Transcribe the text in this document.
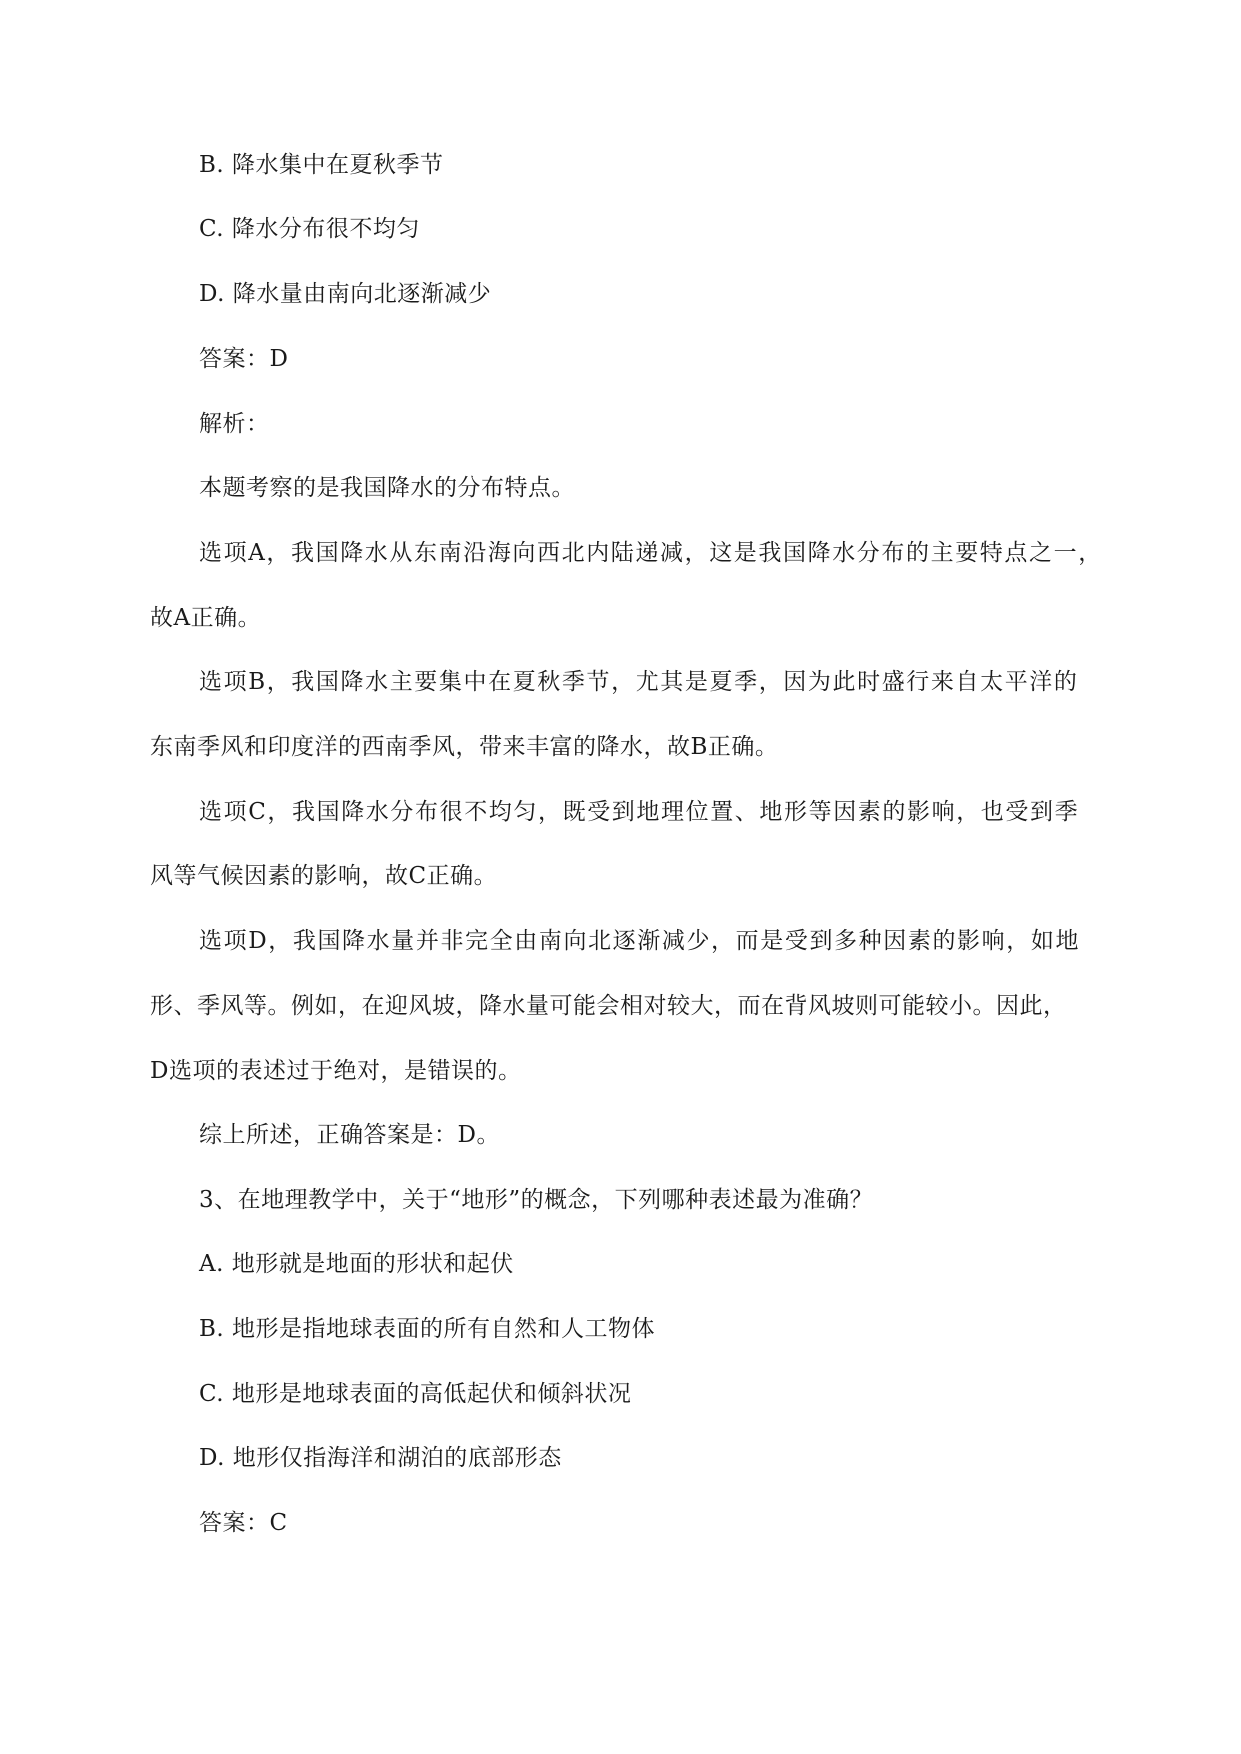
B. 降水集中在夏秋季节
C. 降水分布很不均匀
D. 降水量由南向北逐渐减少
答案：D
解析：
本题考察的是我国降水的分布特点。
选项A，我国降水从东南沿海向西北内陆递减，这是我国降水分布的主要特点之一，
故A正确。
选项B，我国降水主要集中在夏秋季节，尤其是夏季，因为此时盛行来自太平洋的
东南季风和印度洋的西南季风，带来丰富的降水，故B正确。
选项C，我国降水分布很不均匀，既受到地理位置、地形等因素的影响，也受到季
风等气候因素的影响，故C正确。
选项D，我国降水量并非完全由南向北逐渐减少，而是受到多种因素的影响，如地
形、季风等。例如，在迎风坡，降水量可能会相对较大，而在背风坡则可能较小。因此，
D选项的表述过于绝对，是错误的。
综上所述，正确答案是：D。
3、在地理教学中，关于“地形”的概念，下列哪种表述最为准确？
A. 地形就是地面的形状和起伏
B. 地形是指地球表面的所有自然和人工物体
C. 地形是地球表面的高低起伏和倾斜状况
D. 地形仅指海洋和湖泊的底部形态
答案：C
